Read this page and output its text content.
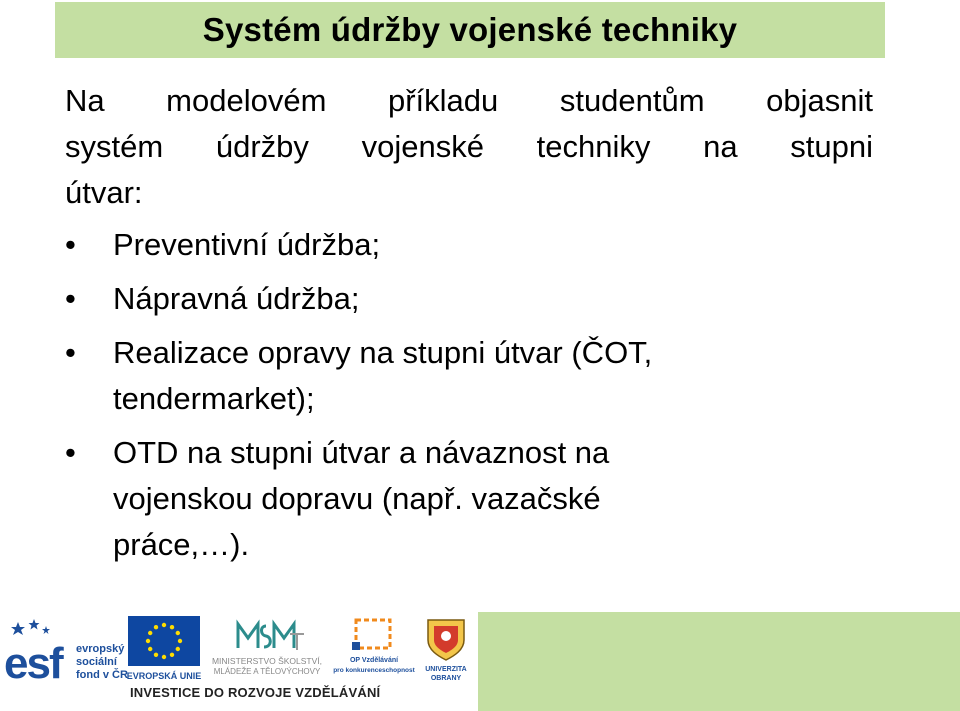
Systém údržby vojenské techniky
Na modelovém příkladu studentům objasnit
systém údržby vojenské techniky na stupni
útvar:
• Preventivní údržba;
• Nápravná údržba;
• Realizace opravy na stupni útvar (ČOT,
tendermarket);
• OTD na stupni útvar a návaznost na
vojenskou dopravu (např. vazačské
práce,…).
esf evropský
sociální
fond v ČR
EVROPSKÁ UNIE
MINISTERSTVO ŠKOLSTVÍ,
MLÁDEŽE A TĚLOVÝCHOVY
OP Vzdělávání
pro konkurenceschopnost UNIVERZITA
OBRANY
INVESTICE DO ROZVOJE VZDĚLÁVÁNÍ
